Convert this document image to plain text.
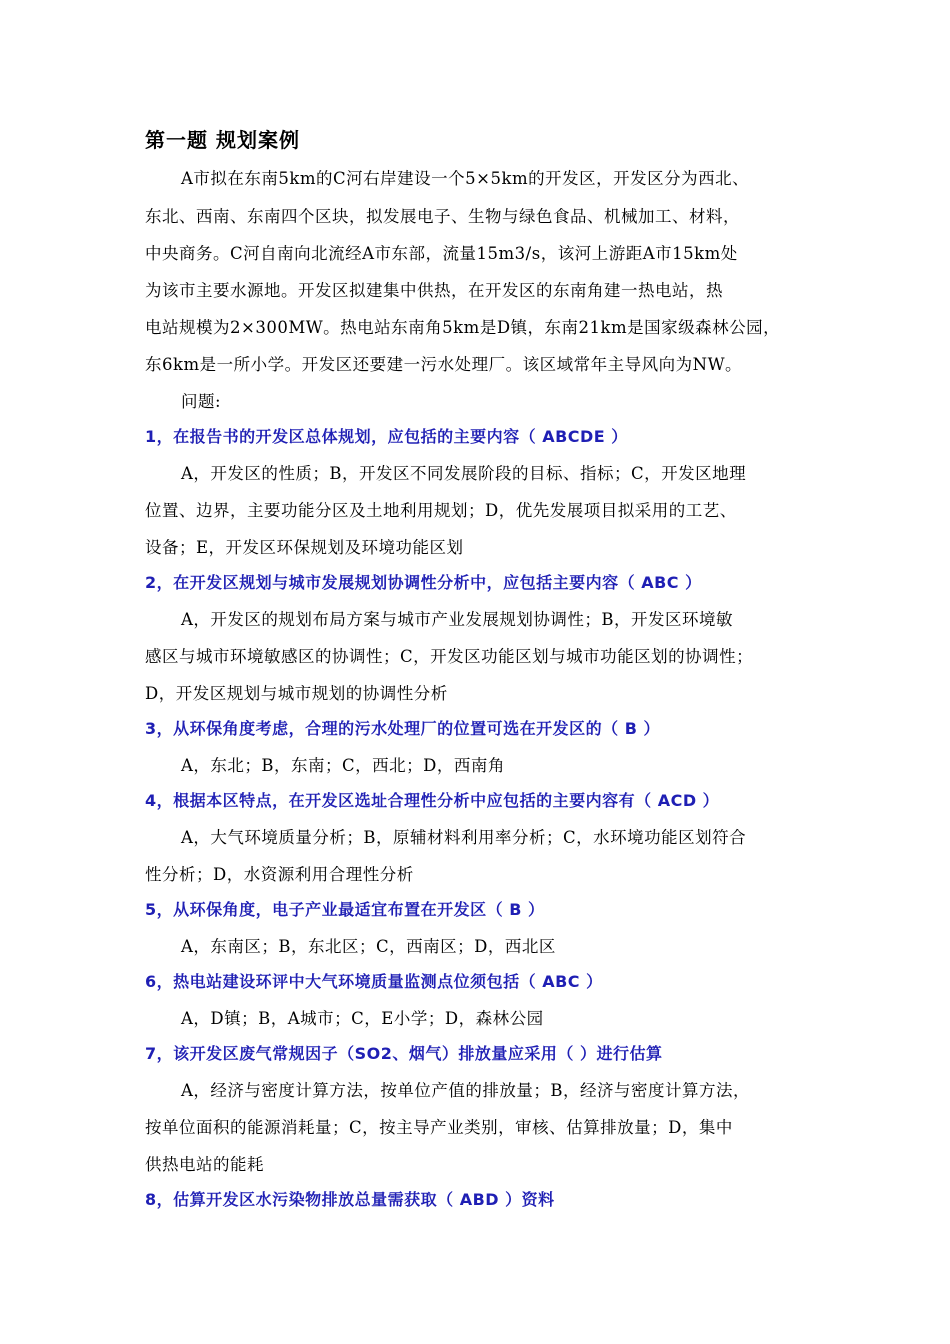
第一题 规划案例
A市拟在东南5km的C河右岸建设一个5×5km的开发区，开发区分为西北、
东北、西南、东南四个区块，拟发展电子、生物与绿色食品、机械加工、材料，
中央商务。C河自南向北流经A市东部，流量15m3/s，该河上游距A市15km处
为该市主要水源地。开发区拟建集中供热，在开发区的东南角建一热电站，热
电站规模为2×300MW。热电站东南角5km是D镇，东南21km是国家级森林公园，
东6km是一所小学。开发区还要建一污水处理厂。该区域常年主导风向为NW。
问题:
1，在报告书的开发区总体规划，应包括的主要内容（ ABCDE ）
A，开发区的性质；B，开发区不同发展阶段的目标、指标；C，开发区地理
位置、边界，主要功能分区及土地利用规划；D，优先发展项目拟采用的工艺、
设备；E，开发区环保规划及环境功能区划
2，在开发区规划与城市发展规划协调性分析中，应包括主要内容（ ABC ）
A，开发区的规划布局方案与城市产业发展规划协调性；B，开发区环境敏
感区与城市环境敏感区的协调性；C，开发区功能区划与城市功能区划的协调性；
D，开发区规划与城市规划的协调性分析
3，从环保角度考虑，合理的污水处理厂的位置可选在开发区的（ B ）
A，东北；B，东南；C，西北；D，西南角
4，根据本区特点，在开发区选址合理性分析中应包括的主要内容有（ ACD ）
A，大气环境质量分析；B，原辅材料利用率分析；C，水环境功能区划符合
性分析；D，水资源利用合理性分析
5，从环保角度，电子产业最适宜布置在开发区（ B ）
A，东南区；B，东北区；C，西南区；D，西北区
6，热电站建设环评中大气环境质量监测点位须包括（ ABC ）
A，D镇；B，A城市；C，E小学；D，森林公园
7，该开发区废气常规因子（SO2、烟气）排放量应采用（ ）进行估算
A，经济与密度计算方法，按单位产值的排放量；B，经济与密度计算方法，
按单位面积的能源消耗量；C，按主导产业类别，审核、估算排放量；D，集中
供热电站的能耗
8，估算开发区水污染物排放总量需获取（ ABD ）资料
